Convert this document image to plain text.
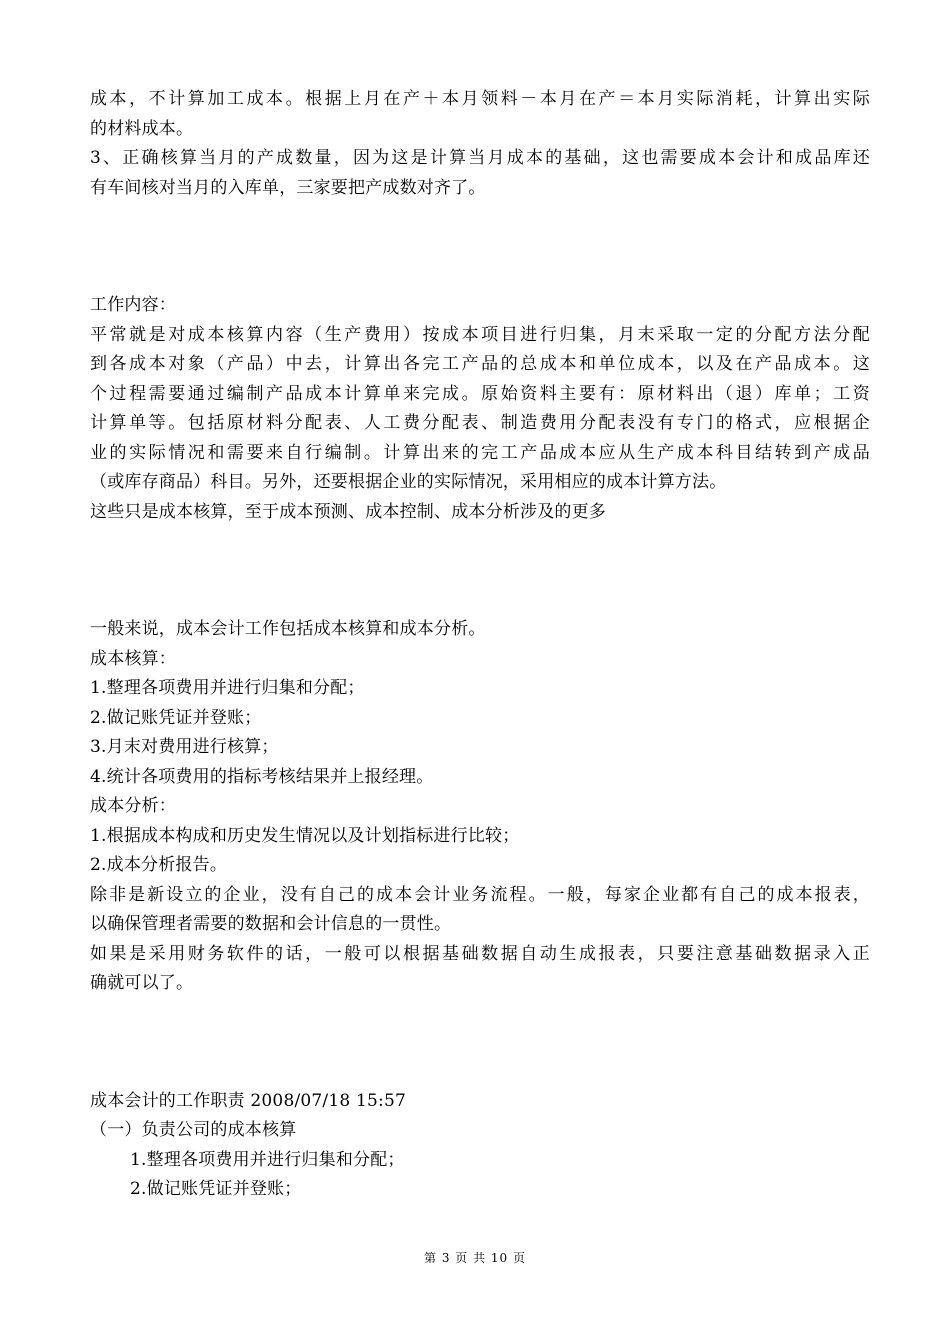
成本，不计算加工成本。根据上月在产＋本月领料－本月在产＝本月实际消耗，计算出实际
的材料成本。
3、正确核算当月的产成数量，因为这是计算当月成本的基础，这也需要成本会计和成品库还
有车间核对当月的入库单，三家要把产成数对齐了。
工作内容：
平常就是对成本核算内容（生产费用）按成本项目进行归集，月末采取一定的分配方法分配
到各成本对象（产品）中去，计算出各完工产品的总成本和单位成本，以及在产品成本。这
个过程需要通过编制产品成本计算单来完成。原始资料主要有：原材料出（退）库单；工资
计算单等。包括原材料分配表、人工费分配表、制造费用分配表没有专门的格式，应根据企
业的实际情况和需要来自行编制。计算出来的完工产品成本应从生产成本科目结转到产成品
（或库存商品）科目。另外，还要根据企业的实际情况，采用相应的成本计算方法。
这些只是成本核算，至于成本预测、成本控制、成本分析涉及的更多
一般来说，成本会计工作包括成本核算和成本分析。
成本核算：
1.整理各项费用并进行归集和分配；
2.做记账凭证并登账；
3.月末对费用进行核算；
4.统计各项费用的指标考核结果并上报经理。
成本分析：
1.根据成本构成和历史发生情况以及计划指标进行比较；
2.成本分析报告。
除非是新设立的企业，没有自己的成本会计业务流程。一般，每家企业都有自己的成本报表，
以确保管理者需要的数据和会计信息的一贯性。
如果是采用财务软件的话，一般可以根据基础数据自动生成报表，只要注意基础数据录入正
确就可以了。
成本会计的工作职责 2008/07/18 15:57
（一）负责公司的成本核算
1.整理各项费用并进行归集和分配；
2.做记账凭证并登账；
第 3 页 共 10 页
